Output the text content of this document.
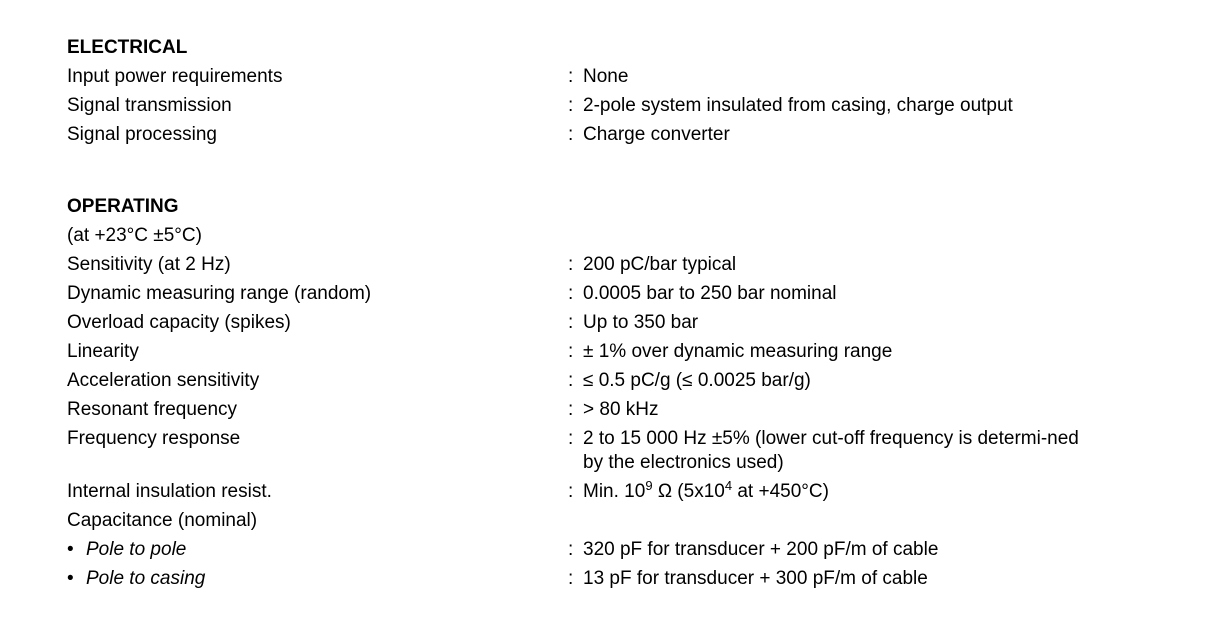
ELECTRICAL
Input power requirements	: None
Signal transmission	: 2-pole system insulated from casing, charge output
Signal processing	: Charge converter
OPERATING
(at +23°C ±5°C)
Sensitivity (at 2 Hz)	: 200 pC/bar typical
Dynamic measuring range (random)	: 0.0005 bar to 250 bar nominal
Overload capacity (spikes)	: Up to 350 bar
Linearity	: ± 1% over dynamic measuring range
Acceleration sensitivity	: ≤ 0.5 pC/g (≤ 0.0025 bar/g)
Resonant frequency	: > 80 kHz
Frequency response	: 2 to 15 000 Hz ±5% (lower cut-off frequency is determi-ned
by the electronics used)
Internal insulation resist.	: Min. $10^9$ Ω ($5x10^4$ at +450°C)
Capacitance (nominal)
• Pole to pole	: 320 pF for transducer + 200 pF/m of cable
• Pole to casing	: 13 pF for transducer + 300 pF/m of cable
